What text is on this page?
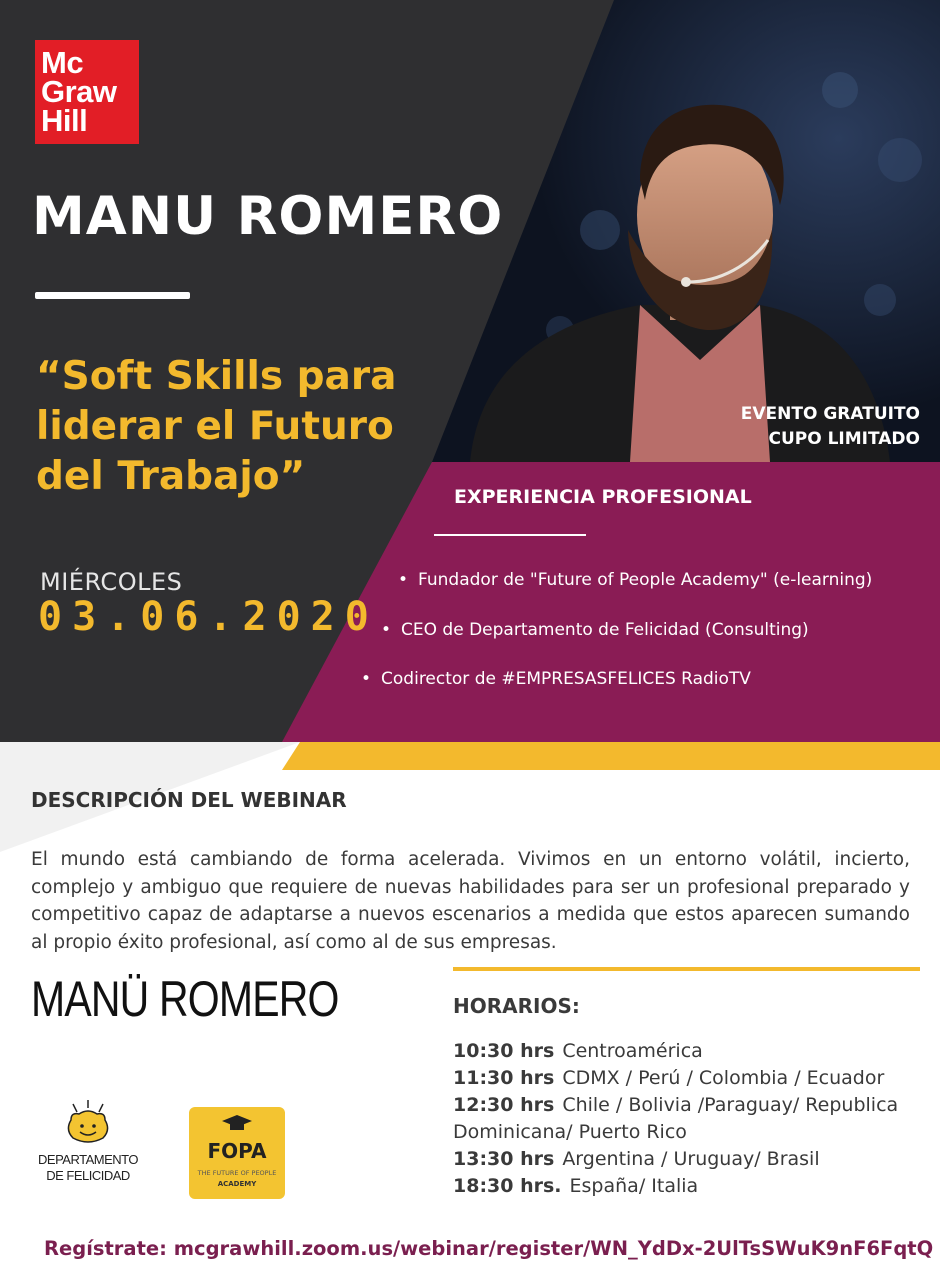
Mc
Graw
Hill
MANU ROMERO
“Soft Skills para liderar el Futuro del Trabajo”
MIÉRCOLES
03.06.2020
EVENTO GRATUITO
CUPO LIMITADO
EXPERIENCIA PROFESIONAL
• Fundador de "Future of People Academy" (e-learning)
• CEO de Departamento de Felicidad (Consulting)
• Codirector de #EMPRESASFELICES RadioTV
DESCRIPCIÓN DEL WEBINAR
El mundo está cambiando de forma acelerada. Vivimos en un entorno volátil, incierto, complejo y ambiguo que requiere de nuevas habilidades para ser un profesional preparado y competitivo capaz de adaptarse a nuevos escenarios a medida que estos aparecen sumando al propio éxito profesional, así como al de sus empresas.
MANÜ ROMERO	HORARIOS:
10:30 hrs Centroamérica
11:30 hrs CDMX / Perú / Colombia / Ecuador
12:30 hrs Chile / Bolivia /Paraguay/ Republica Dominicana/ Puerto Rico
13:30 hrs Argentina / Uruguay/ Brasil
18:30 hrs. España/ Italia
DEPARTAMENTO DE FELICIDAD
FOPA
THE FUTURE OF PEOPLE
ACADEMY
Regístrate: mcgrawhill.zoom.us/webinar/register/WN_YdDx-2UlTsSWuK9nF6FqtQ
